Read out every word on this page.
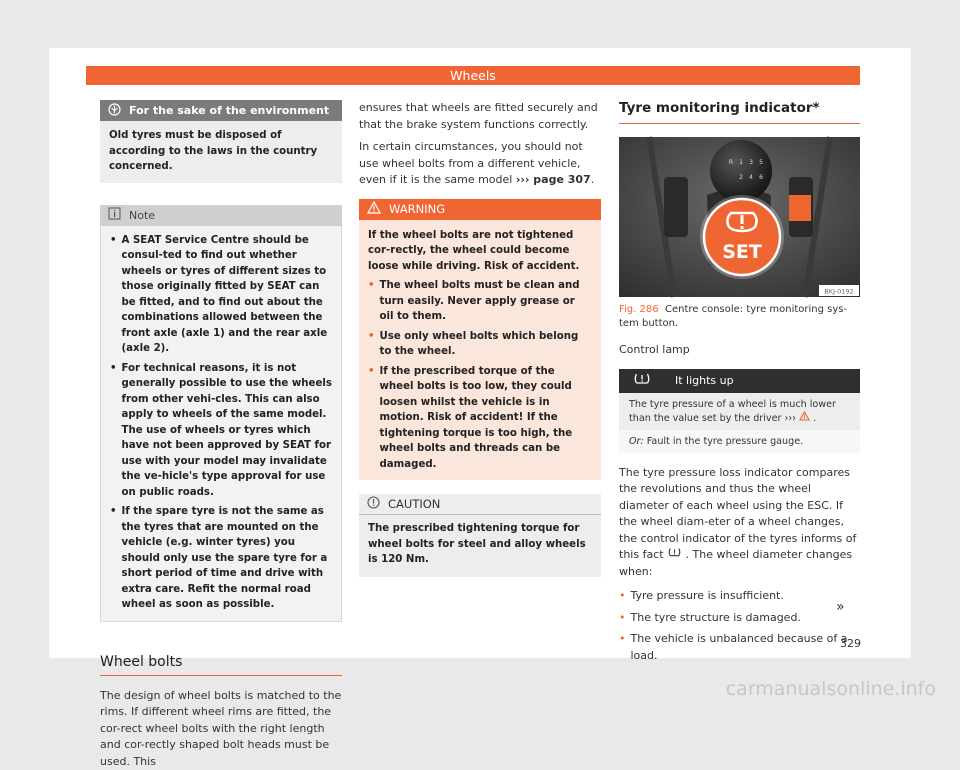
Wheels
For the sake of the environment
Old tyres must be disposed of according to the laws in the country concerned.
Note
• A SEAT Service Centre should be consul-ted to find out whether wheels or tyres of different sizes to those originally fitted by SEAT can be fitted, and to find out about the combinations allowed between the front axle (axle 1) and the rear axle (axle 2).
• For technical reasons, it is not generally possible to use the wheels from other vehi-cles. This can also apply to wheels of the same model. The use of wheels or tyres which have not been approved by SEAT for use with your model may invalidate the ve-hicle's type approval for use on public roads.
• If the spare tyre is not the same as the tyres that are mounted on the vehicle (e.g. winter tyres) you should only use the spare tyre for a short period of time and drive with extra care. Refit the normal road wheel as soon as possible.
Wheel bolts
The design of wheel bolts is matched to the rims. If different wheel rims are fitted, the cor-rect wheel bolts with the right length and cor-rectly shaped bolt heads must be used. This
ensures that wheels are fitted securely and that the brake system functions correctly.
In certain circumstances, you should not use wheel bolts from a different vehicle, even if it is the same model ››› page 307.
WARNING
If the wheel bolts are not tightened cor-rectly, the wheel could become loose while driving. Risk of accident.
• The wheel bolts must be clean and turn easily. Never apply grease or oil to them.
• Use only wheel bolts which belong to the wheel.
• If the prescribed torque of the wheel bolts is too low, they could loosen whilst the vehicle is in motion. Risk of accident! If the tightening torque is too high, the wheel bolts and threads can be damaged.
CAUTION
The prescribed tightening torque for wheel bolts for steel and alloy wheels is 120 Nm.
Tyre monitoring indicator*
1 3 5
2 4 6
R
SET
BKJ-0192
Fig. 286 Centre console: tyre monitoring sys-tem button.
Control lamp
It lights up
The tyre pressure of a wheel is much lower than the value set by the driver ››› .
Or: Fault in the tyre pressure gauge.
The tyre pressure loss indicator compares the revolutions and thus the wheel diameter of each wheel using the ESC. If the wheel diam-eter of a wheel changes, the control indicator of the tyres informs of this fact . The wheel diameter changes when:
• Tyre pressure is insufficient.
• The tyre structure is damaged.
• The vehicle is unbalanced because of a load.
»
329
carmanualsonline.info
